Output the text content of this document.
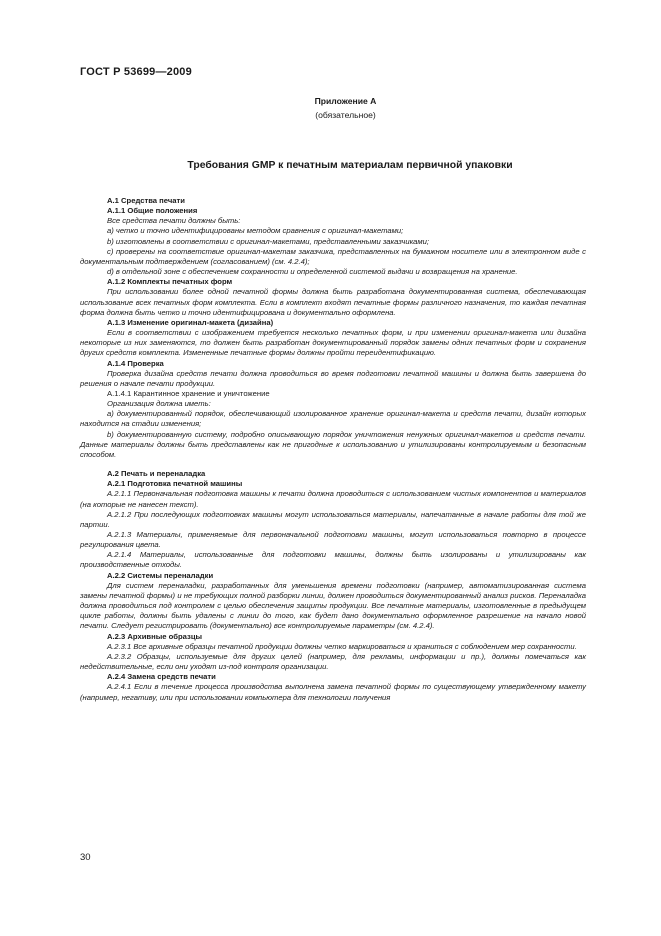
ГОСТ Р 53699—2009
Приложение А
(обязательное)
Требования GMP к печатным материалам первичной упаковки
А.1 Средства печати
А.1.1 Общие положения

Все средства печати должны быть:

а) четко и точно идентифицированы методом сравнения с оригинал-макетами;

b) изготовлены в соответствии с оригинал-макетами, представленными заказчиками;

с) проверены на соответствие оригинал-макетам заказчика, представленных на бумажном носителе или в электронном виде с документальным подтверждением (согласованием) (см. 4.2.4);

d) в отдельной зоне с обеспечением сохранности и определенной системой выдачи и возвращения на хранение.

А.1.2 Комплекты печатных форм

При использовании более одной печатной формы должна быть разработана документированная система, обеспечивающая использование всех печатных форм комплекта. Если в комплект входят печатные формы различного назначения, то каждая печатная форма должна быть четко и точно идентифицирована и документально оформлена.

А.1.3 Изменение оригинал-макета (дизайна)

Если в соответствии с изображением требуется несколько печатных форм, и при изменении оригинал-макета или дизайна некоторые из них заменяются, то должен быть разработан документированный порядок замены одних печатных форм и сохранения других средств комплекта. Измененные печатные формы должны пройти переидентификацию.

А.1.4 Проверка

Проверка дизайна средств печати должна проводиться во время подготовки печатной машины и должна быть завершена до решения о начале печати продукции.

А.1.4.1 Карантинное хранение и уничтожение

Организация должна иметь:

а) документированный порядок, обеспечивающий изолированное хранение оригинал-макета и средств печати, дизайн которых находится на стадии изменения;

b) документированную систему, подробно описывающую порядок уничтожения ненужных оригинал-макетов и средств печати. Данные материалы должны быть представлены как не пригодные к использованию и утилизированы контролируемым и безопасным способом.

А.2 Печать и переналадка
А.2.1 Подготовка печатной машины

А.2.1.1 Первоначальная подготовка машины к печати должна проводиться с использованием чистых компонентов и материалов (на которые не нанесен текст).

А.2.1.2 При последующих подготовках машины могут использоваться материалы, напечатанные в начале работы для той же партии.

А.2.1.3 Материалы, применяемые для первоначальной подготовки машины, могут использоваться повторно в процессе регулирования цвета.

А.2.1.4 Материалы, использованные для подготовки машины, должны быть изолированы и утилизированы как производственные отходы.

А.2.2 Системы переналадки

Для систем переналадки, разработанных для уменьшения времени подготовки (например, автоматизированная система замены печатной формы) и не требующих полной разборки линии, должен проводиться документированный анализ рисков. Переналадка должна проводиться под контролем с целью обеспечения защиты продукции. Все печатные материалы, изготовленные в предыдущем цикле работы, должны быть удалены с линии до того, как будет дано документально оформленное разрешение на начало новой печати. Следует регистрировать (документально) все контролируемые параметры (см. 4.2.4).

А.2.3 Архивные образцы

А.2.3.1 Все архивные образцы печатной продукции должны четко маркироваться и храниться с соблюдением мер сохранности.

А.2.3.2 Образцы, используемые для других целей (например, для рекламы, информации и пр.), должны помечаться как недействительные, если они уходят из-под контроля организации.

А.2.4 Замена средств печати

А.2.4.1 Если в течение процесса производства выполнена замена печатной формы по существующему утвержденному макету (например, негативу, или при использовании компьютера для технологии получения

30
